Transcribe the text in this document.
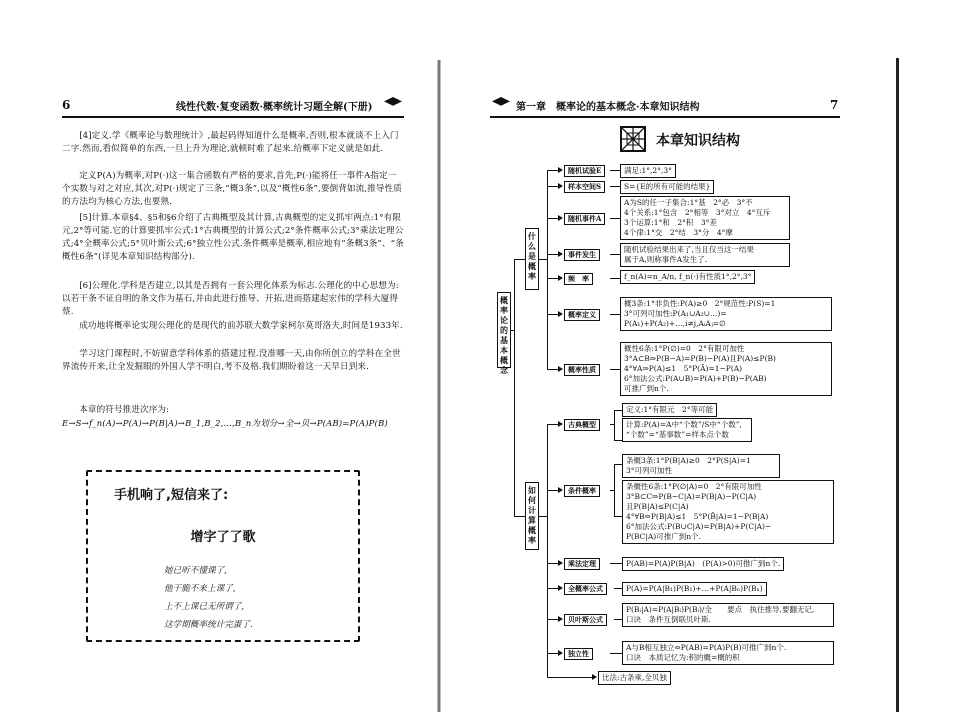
6	线性代数·复变函数·概率统计习题全解(下册)

[4]定义.学《概率论与数理统计》,最起码得知道什么是概率,否则,根本就谈不上入门二字.然而,看似简单的东西,一旦上升为理论,就顿时难了起来.给概率下定义就是如此.

定义P(A)为概率,对P(·)这一集合函数有严格的要求,首先,P(·)能将任一事件A指定一个实数与对之对应,其次,对P(·)规定了三条,“概3条”,以及“概性6条”,要倒背如流,推导性质的方法均为核心方法,也要熟.

[5]计算.本章§4、§5和§6介绍了古典概型及其计算,古典概型的定义抓牢两点:1°有限元,2°等可能.它的计算要抓牢公式:1°古典概型的计算公式;2°条件概率公式;3°乘法定理公式;4°全概率公式;5°贝叶斯公式;6°独立性公式.条件概率是概率,相应地有“条概3条”、“条概性6条”(详见本章知识结构部分).

[6]公理化.学科是否建立,以其是否拥有一套公理化体系为标志.公理化的中心思想为:以若干条不证自明的条文作为基石,并由此进行推导、开拓,进而搭建起宏伟的学科大厦得蔡.

成功地将概率论实现公理化的是现代的前苏联大数学家柯尔莫哥洛夫,时间是1933年.

学习这门课程时,不妨留意学科体系的搭建过程.没准哪一天,由你所创立的学科在全世界流传开来,让全发掘眼的外国人学不明白,考不及格.我们期盼着这一天早日到来.

本章的符号推进次序为:

E→S→f_n(A)→P(A)→P(B|A)→B_1,B_2,…,B_n为划分→全→贝→P(AB)=P(A)P(B)

手机响了,短信来了:
增字了了歌
她已听不懂课了,
他干脆不来上课了,
上不上课已无所谓了,
这学期概率统计完蛋了.
第一章　概率论的基本概念·本章知识结构	7
本章知识结构
概率论的基本概念
什么是概率
如何计算概率
随机试验E	满足:1°,2°,3°
样本空间S	S={E的所有可能的结果}
随机事件A
A为S的任一子集合:1°基　2°必　3°不
4个关系:1°包含　2°相等　3°对立　4°互斥
3个运算:1°和　2°积　3°差
4个律:1°交　2°结　3°分　4°摩
事件发生
随机试验结果出来了,当且仅当这一结果
属于A,则称事件A发生了.
频　率	f_n(A)=n_A/n, f_n(·)有性质1°,2°,3°
概率定义
概3条:1°非负性:P(A)≥0　2°规范性:P(S)=1
3°可列可加性:P(A₁∪A₂∪…)=
P(A₁)+P(A₂)+…,i≠j,AᵢAⱼ=∅
概率性质
概性6条:1°P(∅)=0　2°有限可加性
3°A⊂B⇒P(B−A)=P(B)−P(A)且P(A)≤P(B)
4°∀A⇒P(A)≤1　5°P(Ā)=1−P(A)
6°加法公式:P(A∪B)=P(A)+P(B)−P(AB)
可推广到n个.
古典概型
定义:1°有限元　2°等可能
计算:P(A)=A中“个数”/S中“个数”,
“个数”=“基事数”=样本点个数
条件概率
条概3条:1°P(B|A)≥0　2°P(S|A)=1
3°可列可加性
条概性6条:1°P(∅|A)=0　2°有限可加性
3°B⊂C⇒P(B−C|A)=P(B|A)−P(C|A)
且P(B|A)≤P(C|A)
4°∀B⇒P(B|A)≤1　5°P(B̄|A)=1−P(B|A)
6°加法公式:P(B∪C|A)=P(B|A)+P(C|A)−
P(BC|A)可推广到n个.
乘法定理	P(AB)=P(A)P(B|A)　(P(A)>0)可推广到n个.
全概率公式	P(A)=P(A|B₁)P(B₁)+…+P(A|Bₙ)P(Bₙ)
贝叶斯公式
P(Bᵢ|A)=P(A|Bᵢ)P(Bᵢ)/全　　要点　执往推导,要翻无记,
口诀　条件互倒联贝叶斯.
独立性
A与B相互独立⇔P(AB)=P(A)P(B)可推广到n个.
口诀　本质记忆为:积的概=概的积
比法:古条乘,全贝独
